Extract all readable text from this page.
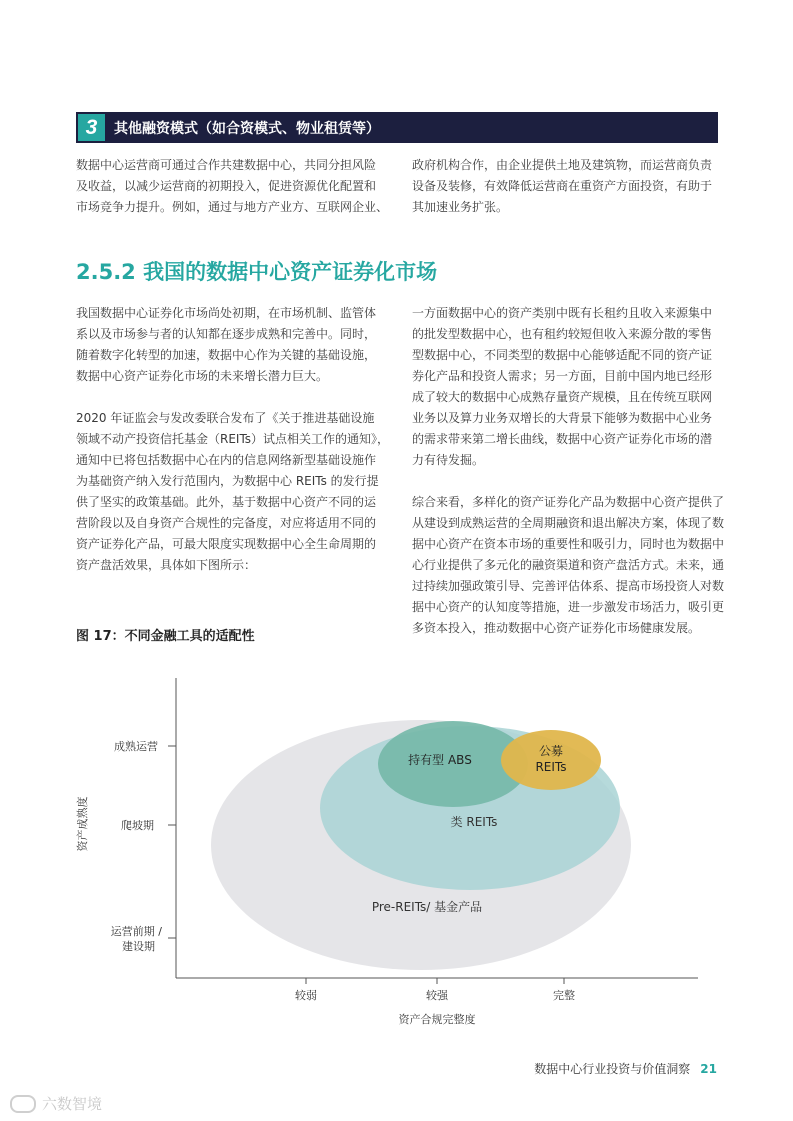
3	其他融资模式（如合资模式、物业租赁等）

数据中心运营商可通过合作共建数据中心，共同分担风险
及收益，以减少运营商的初期投入，促进资源优化配置和
市场竞争力提升。例如，通过与地方产业方、互联网企业、

政府机构合作，由企业提供土地及建筑物，而运营商负责
设备及装修，有效降低运营商在重资产方面投资，有助于
其加速业务扩张。

2.5.2 我国的数据中心资产证券化市场

我国数据中心证券化市场尚处初期，在市场机制、监管体
系以及市场参与者的认知都在逐步成熟和完善中。同时，
随着数字化转型的加速，数据中心作为关键的基础设施，
数据中心资产证券化市场的未来增长潜力巨大。

2020 年证监会与发改委联合发布了《关于推进基础设施
领域不动产投资信托基金（REITs）试点相关工作的通知》，
通知中已将包括数据中心在内的信息网络新型基础设施作
为基础资产纳入发行范围内，为数据中心 REITs 的发行提
供了坚实的政策基础。此外，基于数据中心资产不同的运
营阶段以及自身资产合规性的完备度，对应将适用不同的
资产证券化产品，可最大限度实现数据中心全生命周期的
资产盘活效果，具体如下图所示：

一方面数据中心的资产类别中既有长租约且收入来源集中
的批发型数据中心，也有租约较短但收入来源分散的零售
型数据中心，不同类型的数据中心能够适配不同的资产证
券化产品和投资人需求；另一方面，目前中国内地已经形
成了较大的数据中心成熟存量资产规模，且在传统互联网
业务以及算力业务双增长的大背景下能够为数据中心业务
的需求带来第二增长曲线，数据中心资产证券化市场的潜
力有待发掘。

综合来看，多样化的资产证券化产品为数据中心资产提供了
从建设到成熟运营的全周期融资和退出解决方案，体现了数
据中心资产在资本市场的重要性和吸引力，同时也为数据中
心行业提供了多元化的融资渠道和资产盘活方式。未来，通
过持续加强政策引导、完善评估体系、提高市场投资人对数
据中心资产的认知度等措施，进一步激发市场活力，吸引更
多资本投入，推动数据中心资产证券化市场健康发展。

图 17：不同金融工具的适配性

Pre-REITs/ 基金产品
类 REITs
持有型 ABS
公募
REITs
成熟运营
爬坡期
运营前期 /
建设期
资产成熟度
较弱	较强	完整
资产合规完整度
数据中心行业投资与价值洞察 21
六数智境
